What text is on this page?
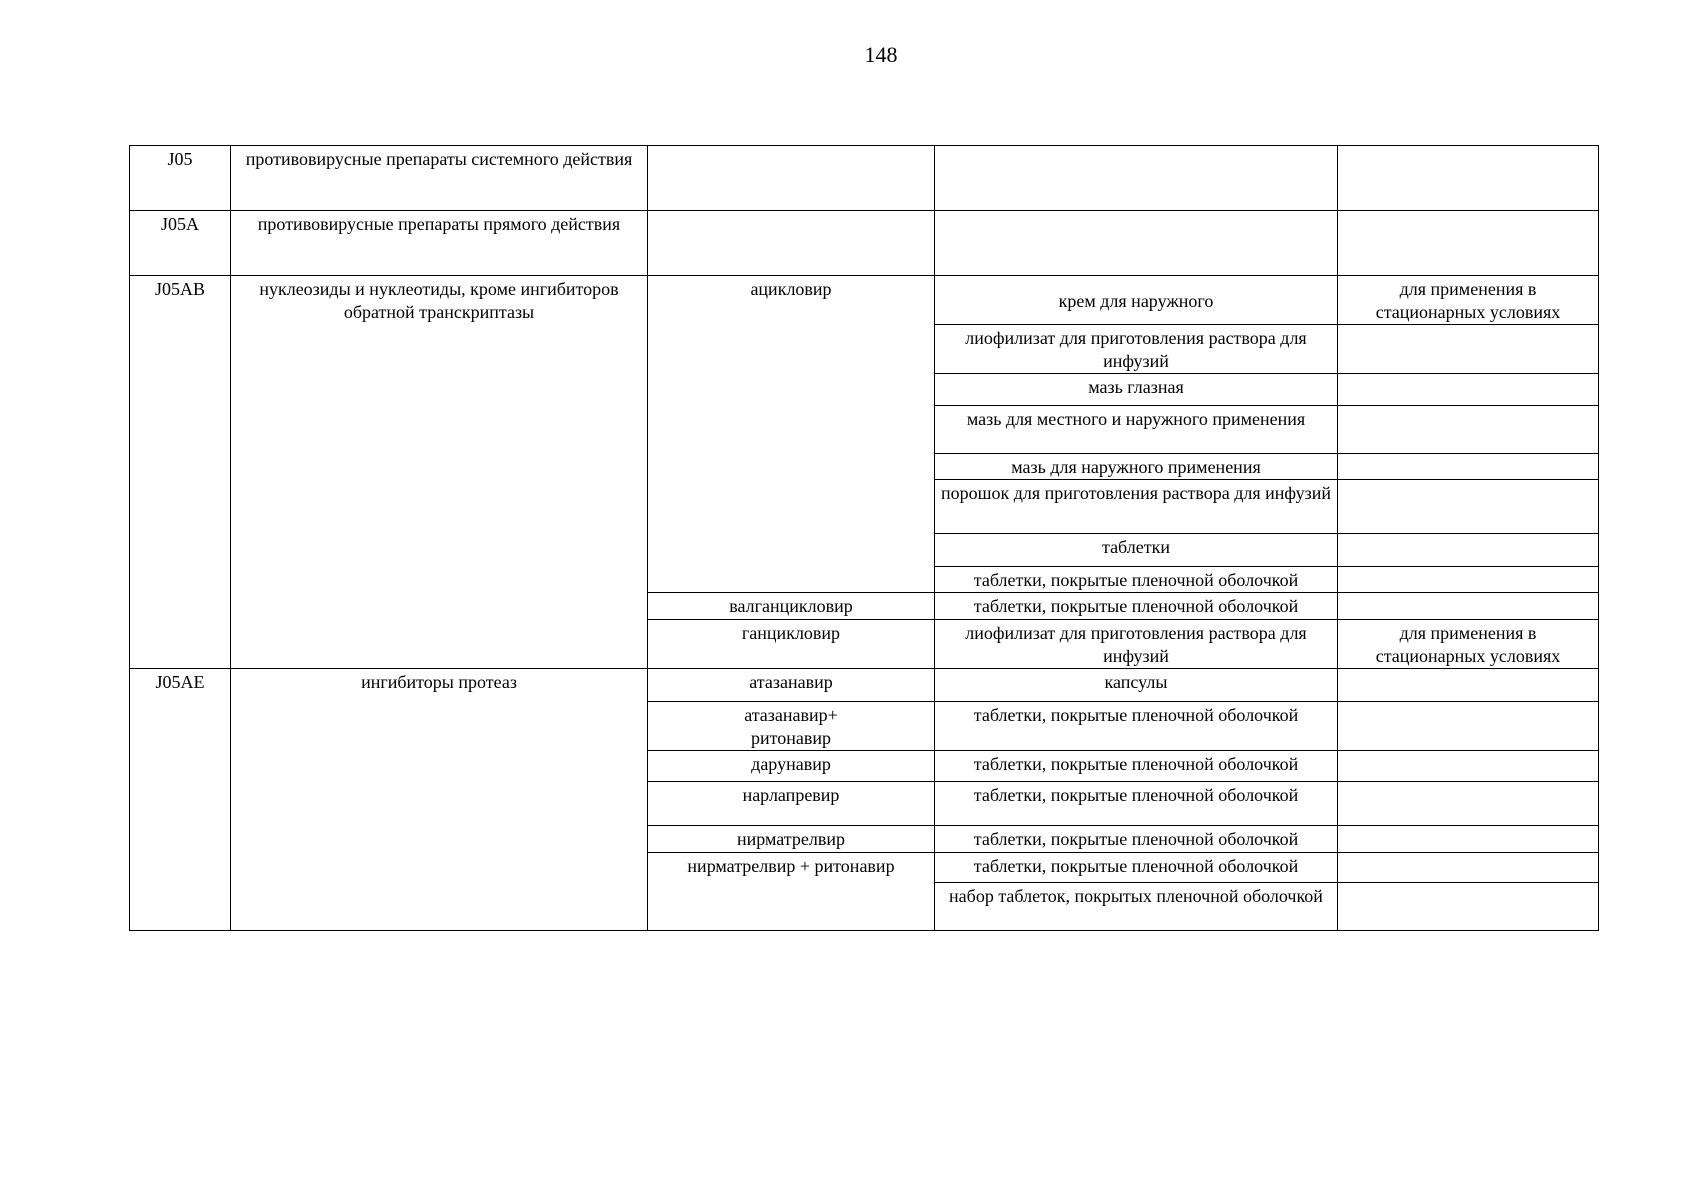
148
J05	противовирусные препараты системного действия			
J05A	противовирусные препараты прямого действия			
J05AB	нуклеозиды и нуклеотиды, кроме ингибиторов обратной транскриптазы	ацикловир	крем для наружного	для применения в стационарных условиях
			лиофилизат для приготовления раствора для инфузий	
			мазь глазная	
			мазь для местного и наружного применения	
			мазь для наружного применения	
			порошок для приготовления раствора для инфузий	
			таблетки	
			таблетки, покрытые пленочной оболочкой	
		валганцикловир	таблетки, покрытые пленочной оболочкой	
		ганцикловир	лиофилизат для приготовления раствора для инфузий	для применения в стационарных условиях
J05AE	ингибиторы протеаз	атазанавир	капсулы	
		атазанавир+ ритонавир	таблетки, покрытые пленочной оболочкой	
		дарунавир	таблетки, покрытые пленочной оболочкой	
		нарлапревир	таблетки, покрытые пленочной оболочкой	
		нирматрелвир	таблетки, покрытые пленочной оболочкой	
		нирматрелвир + ритонавир	таблетки, покрытые пленочной оболочкой	
			набор таблеток, покрытых пленочной оболочкой	
